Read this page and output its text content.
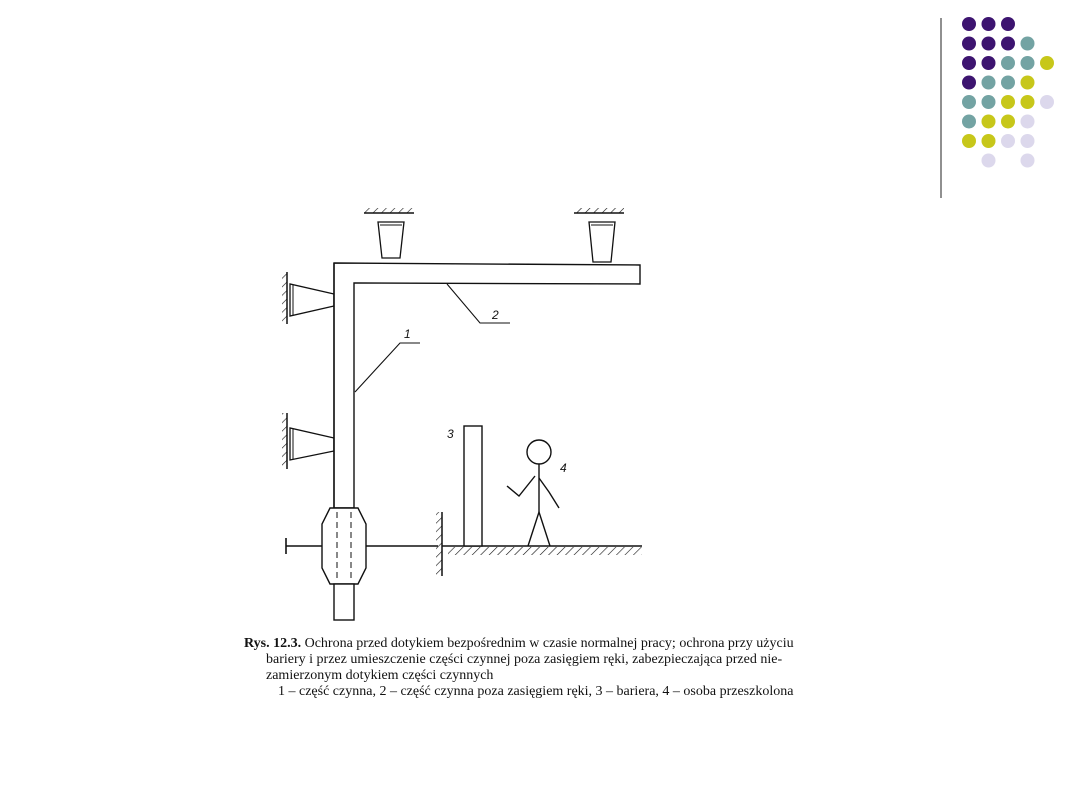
1
2
3
4
Rys. 12.3. Ochrona przed dotykiem bezpośrednim w czasie normalnej pracy; ochrona przy użyciu
bariery i przez umieszczenie części czynnej poza zasięgiem ręki, zabezpieczająca przed nie-
zamierzonym dotykiem części czynnych
1 – część czynna, 2 – część czynna poza zasięgiem ręki, 3 – bariera, 4 – osoba przeszkolona
